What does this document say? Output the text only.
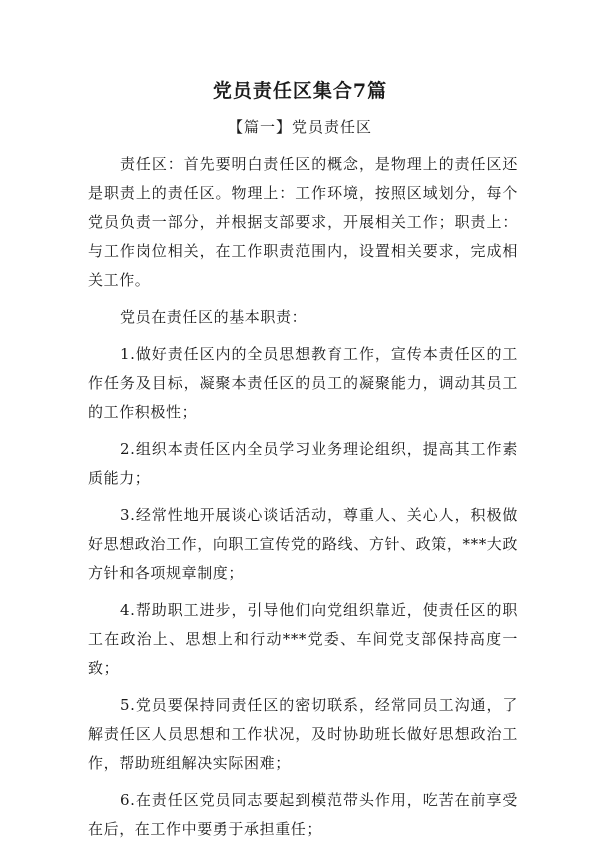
党员责任区集合7篇
【篇一】党员责任区

责任区：首先要明白责任区的概念，是物理上的责任区还是职责上的责任区。物理上：工作环境，按照区域划分，每个党员负责一部分，并根据支部要求，开展相关工作；职责上：与工作岗位相关，在工作职责范围内，设置相关要求，完成相关工作。

党员在责任区的基本职责：

1.做好责任区内的全员思想教育工作，宣传本责任区的工作任务及目标，凝聚本责任区的员工的凝聚能力，调动其员工的工作积极性；

2.组织本责任区内全员学习业务理论组织，提高其工作素质能力；

3.经常性地开展谈心谈话活动，尊重人、关心人，积极做好思想政治工作，向职工宣传党的路线、方针、政策，***大政方针和各项规章制度；

4.帮助职工进步，引导他们向党组织靠近，使责任区的职工在政治上、思想上和行动***党委、车间党支部保持高度一致；

5.党员要保持同责任区的密切联系，经常同员工沟通，了解责任区人员思想和工作状况，及时协助班长做好思想政治工作，帮助班组解决实际困难；

6.在责任区党员同志要起到模范带头作用，吃苦在前享受在后，在工作中要勇于承担重任；
